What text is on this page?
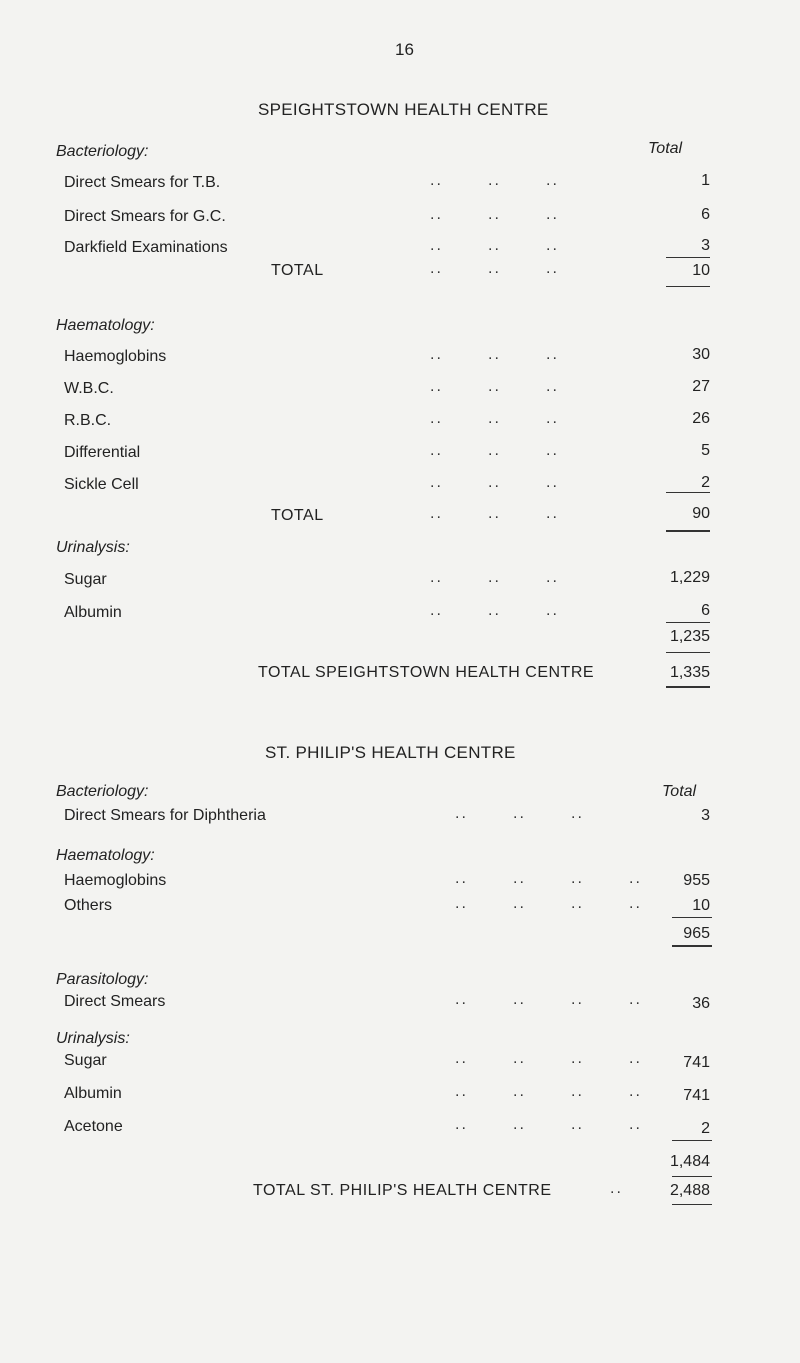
16
SPEIGHTSTOWN HEALTH CENTRE
Total
Bacteriology:
Direct Smears for T.B.	..       ..       ..	1
Direct Smears for G.C.	..       ..       ..	6
Darkfield Examinations	..       ..       ..	3
TOTAL	..       ..       ..	10
Haematology:
Haemoglobins	..       ..       ..	30
W.B.C.	..       ..       ..	27
R.B.C.	..       ..       ..	26
Differential	..       ..       ..	5
Sickle Cell	..       ..       ..	2
TOTAL	..       ..       ..	90
Urinalysis:
Sugar	..       ..       ..	1,229
Albumin	..       ..       ..	6
1,235
TOTAL SPEIGHTSTOWN HEALTH CENTRE	1,335
ST. PHILIP'S HEALTH CENTRE
Total
Bacteriology:
Direct Smears for Diphtheria	..       ..       ..	3
Haematology:
Haemoglobins	..       ..       ..       ..	955
Others	..       ..       ..       ..	10
965
Parasitology:
Direct Smears	..       ..       ..       ..	36
Urinalysis:
Sugar	..       ..       ..       ..	741
Albumin	..       ..       ..       ..	741
Acetone	..       ..       ..       ..	2
1,484
TOTAL ST. PHILIP'S HEALTH CENTRE	..	2,488
